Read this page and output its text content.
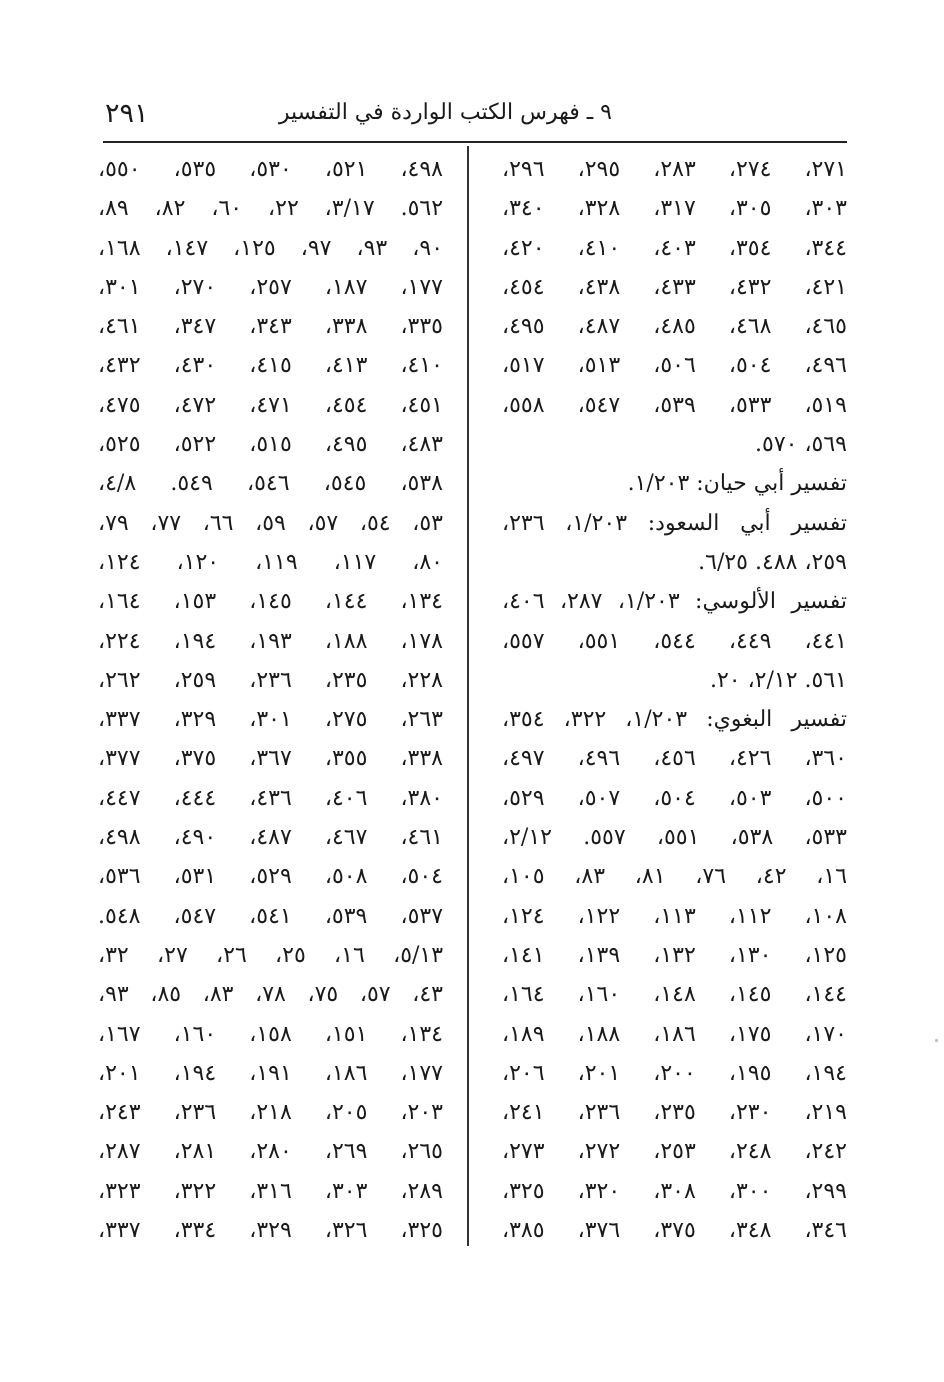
٢٩١	٩ ـ فهرس الكتب الواردة في التفسير
٢٧١، ٢٧٤، ٢٨٣، ٢٩٥، ٢٩٦،
٣٠٣، ٣٠٥، ٣١٧، ٣٢٨، ٣٤٠،
٣٤٤، ٣٥٤، ٤٠٣، ٤١٠، ٤٢٠،
٤٢١، ٤٣٢، ٤٣٣، ٤٣٨، ٤٥٤،
٤٦٥، ٤٦٨، ٤٨٥، ٤٨٧، ٤٩٥،
٤٩٦، ٥٠٤، ٥٠٦، ٥١٣، ٥١٧،
٥١٩، ٥٣٣، ٥٣٩، ٥٤٧، ٥٥٨،
٥٦٩، ٥٧٠.
تفسير أبي حيان: ١/٢٠٣.
تفسير أبي السعود: ١/٢٠٣، ٢٣٦،
٢٥٩، ٤٨٨. ٦/٢٥.
تفسير الألوسي: ١/٢٠٣، ٢٨٧، ٤٠٦،
٤٤١، ٤٤٩، ٥٤٤، ٥٥١، ٥٥٧،
٥٦١. ٢/١٢، ٢٠.
تفسير البغوي: ١/٢٠٣، ٣٢٢، ٣٥٤،
٣٦٠، ٤٢٦، ٤٥٦، ٤٩٦، ٤٩٧،
٥٠٠، ٥٠٣، ٥٠٤، ٥٠٧، ٥٢٩،
٥٣٣، ٥٣٨، ٥٥١، ٥٥٧. ٢/١٢،
١٦، ٤٢، ٧٦، ٨١، ٨٣، ١٠٥،
١٠٨، ١١٢، ١١٣، ١٢٢، ١٢٤،
١٢٥، ١٣٠، ١٣٢، ١٣٩، ١٤١،
١٤٤، ١٤٥، ١٤٨، ١٦٠، ١٦٤،
١٧٠، ١٧٥، ١٨٦، ١٨٨، ١٨٩،
١٩٤، ١٩٥، ٢٠٠، ٢٠١، ٢٠٦،
٢١٩، ٢٣٠، ٢٣٥، ٢٣٦، ٢٤١،
٢٤٢، ٢٤٨، ٢٥٣، ٢٧٢، ٢٧٣،
٢٩٩، ٣٠٠، ٣٠٨، ٣٢٠، ٣٢٥،
٣٤٦، ٣٤٨، ٣٧٥، ٣٧٦، ٣٨٥،
٤٩٨، ٥٢١، ٥٣٠، ٥٣٥، ٥٥٠،
٥٦٢. ٣/١٧، ٢٢، ٦٠، ٨٢، ٨٩،
٩٠، ٩٣، ٩٧، ١٢٥، ١٤٧، ١٦٨،
١٧٧، ١٨٧، ٢٥٧، ٢٧٠، ٣٠١،
٣٣٥، ٣٣٨، ٣٤٣، ٣٤٧، ٤٦١،
٤١٠، ٤١٣، ٤١٥، ٤٣٠، ٤٣٢،
٤٥١، ٤٥٤، ٤٧١، ٤٧٢، ٤٧٥،
٤٨٣، ٤٩٥، ٥١٥، ٥٢٢، ٥٢٥،
٥٣٨، ٥٤٥، ٥٤٦، ٥٤٩. ٤/٨،
٥٣، ٥٤، ٥٧، ٥٩، ٦٦، ٧٧، ٧٩،
٨٠، ١١٧، ١١٩، ١٢٠، ١٢٤،
١٣٤، ١٤٤، ١٤٥، ١٥٣، ١٦٤،
١٧٨، ١٨٨، ١٩٣، ١٩٤، ٢٢٤،
٢٢٨، ٢٣٥، ٢٣٦، ٢٥٩، ٢٦٢،
٢٦٣، ٢٧٥، ٣٠١، ٣٢٩، ٣٣٧،
٣٣٨، ٣٥٥، ٣٦٧، ٣٧٥، ٣٧٧،
٣٨٠، ٤٠٦، ٤٣٦، ٤٤٤، ٤٤٧،
٤٦١، ٤٦٧، ٤٨٧، ٤٩٠، ٤٩٨،
٥٠٤، ٥٠٨، ٥٢٩، ٥٣١، ٥٣٦،
٥٣٧، ٥٣٩، ٥٤١، ٥٤٧، ٥٤٨.
٥/١٣، ١٦، ٢٥، ٢٦، ٢٧، ٣٢،
٤٣، ٥٧، ٧٥، ٧٨، ٨٣، ٨٥، ٩٣،
١٣٤، ١٥١، ١٥٨، ١٦٠، ١٦٧،
١٧٧، ١٨٦، ١٩١، ١٩٤، ٢٠١،
٢٠٣، ٢٠٥، ٢١٨، ٢٣٦، ٢٤٣،
٢٦٥، ٢٦٩، ٢٨٠، ٢٨١، ٢٨٧،
٢٨٩، ٣٠٣، ٣١٦، ٣٢٢، ٣٢٣،
٣٢٥، ٣٢٦، ٣٢٩، ٣٣٤، ٣٣٧،
